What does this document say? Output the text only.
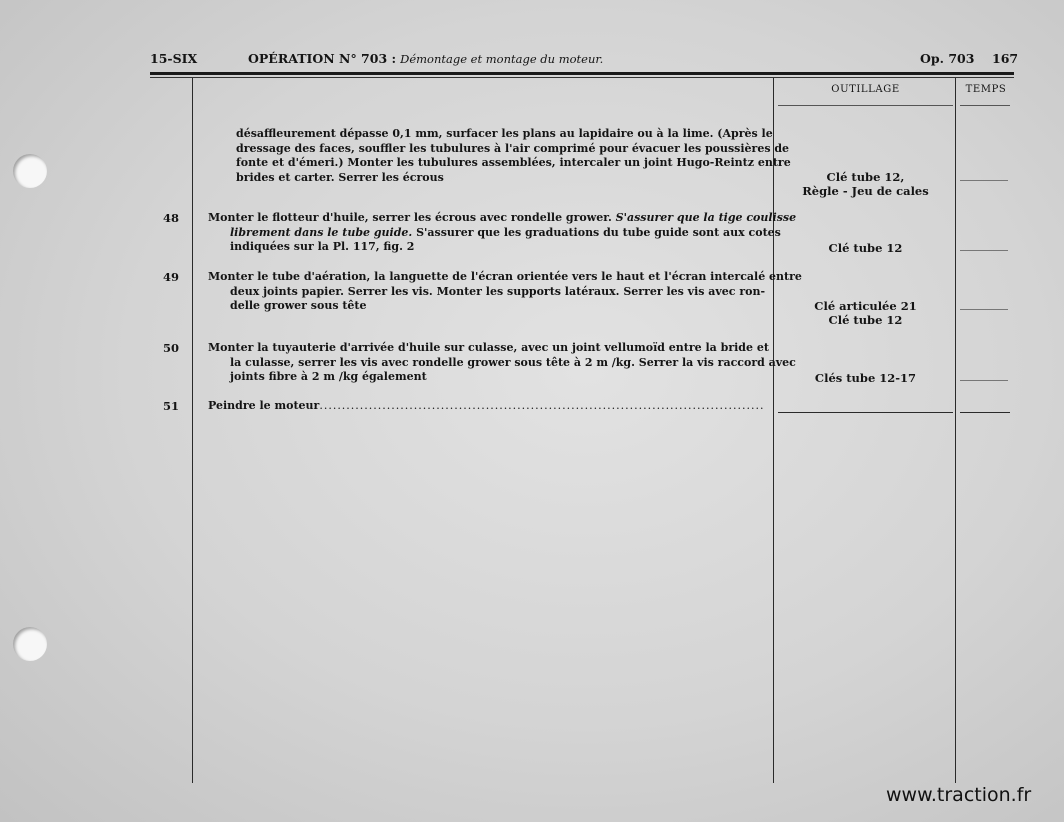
15-SIX	OPÉRATION N° 703 : Démontage et montage du moteur.	Op. 703 167
OUTILLAGE	TEMPS
désaffleurement dépasse 0,1 mm, surfacer les plans au lapidaire ou à la lime. (Après le
dressage des faces, souffler les tubulures à l'air comprimé pour évacuer les poussières de
fonte et d'émeri.) Monter les tubulures assemblées, intercaler un joint Hugo-Reintz entre
brides et carter. Serrer les écrous	Clé tube 12,
Règle - Jeu de cales
48	Monter le flotteur d'huile, serrer les écrous avec rondelle grower. S'assurer que la tige coulisse
librement dans le tube guide. S'assurer que les graduations du tube guide sont aux cotes
indiquées sur la Pl. 117, fig. 2	Clé tube 12
49	Monter le tube d'aération, la languette de l'écran orientée vers le haut et l'écran intercalé entre
deux joints papier. Serrer les vis. Monter les supports latéraux. Serrer les vis avec ron-
delle grower sous tête	Clé articulée 21
Clé tube 12
50	Monter la tuyauterie d'arrivée d'huile sur culasse, avec un joint vellumoïd entre la bride et
la culasse, serrer les vis avec rondelle grower sous tête à 2 m /kg. Serrer la vis raccord avec
joints fibre à 2 m /kg également	Clés tube 12-17
51	Peindre le moteur...................................................................................................
www.traction.fr
